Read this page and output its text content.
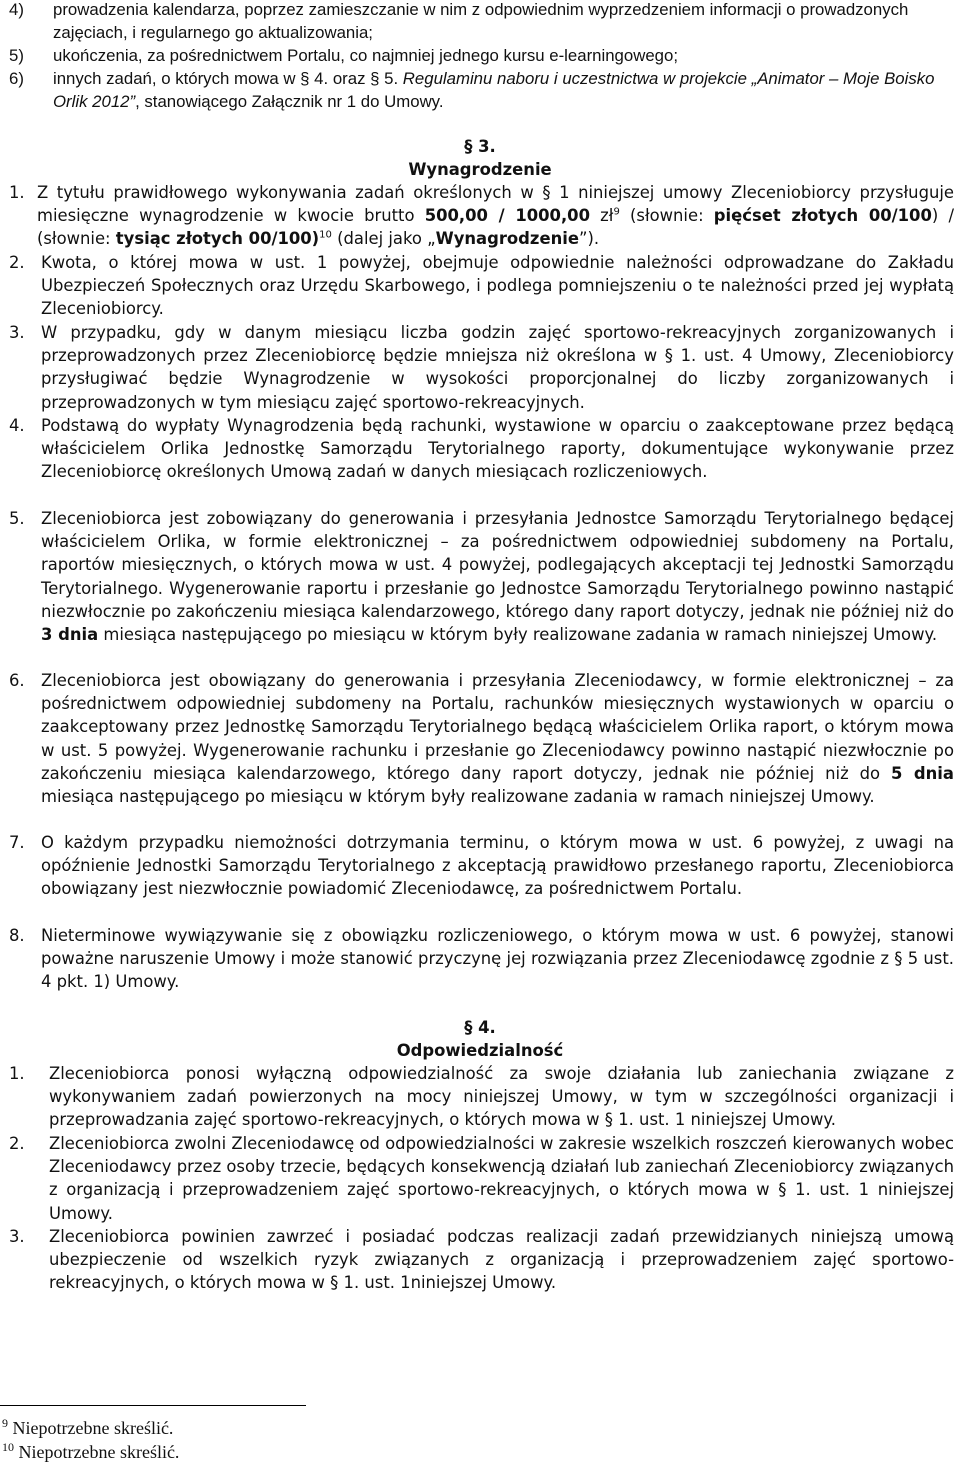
4) prowadzenia kalendarza, poprzez zamieszczanie w nim z odpowiednim wyprzedzeniem informacji o prowadzonych zajęciach, i regularnego go aktualizowania;
5) ukończenia, za pośrednictwem Portalu, co najmniej jednego kursu e-learningowego;
6) innych zadań, o których mowa w § 4. oraz § 5. Regulaminu naboru i uczestnictwa w projekcie „Animator – Moje Boisko Orlik 2012”, stanowiącego Załącznik nr 1 do Umowy.
§ 3.
Wynagrodzenie
1. Z tytułu prawidłowego wykonywania zadań określonych w § 1 niniejszej umowy Zleceniobiorcy przysługuje miesięczne wynagrodzenie w kwocie brutto 500,00 / 1000,00 $zł^9$ (słownie: pięćset złotych 00/100) / (słownie: tysiąc złotych 00/100)$^{10}$ (dalej jako „Wynagrodzenie”).
2. Kwota, o której mowa w ust. 1 powyżej, obejmuje odpowiednie należności odprowadzane do Zakładu Ubezpieczeń Społecznych oraz Urzędu Skarbowego, i podlega pomniejszeniu o te należności przed jej wypłatą Zleceniobiorcy.
3. W przypadku, gdy w danym miesiącu liczba godzin zajęć sportowo-rekreacyjnych zorganizowanych i przeprowadzonych przez Zleceniobiorcę będzie mniejsza niż określona w § 1. ust. 4 Umowy, Zleceniobiorcy przysługiwać będzie Wynagrodzenie w wysokości proporcjonalnej do liczby zorganizowanych i przeprowadzonych w tym miesiącu zajęć sportowo-rekreacyjnych.
4. Podstawą do wypłaty Wynagrodzenia będą rachunki, wystawione w oparciu o zaakceptowane przez będącą właścicielem Orlika Jednostkę Samorządu Terytorialnego raporty, dokumentujące wykonywanie przez Zleceniobiorcę określonych Umową zadań w danych miesiącach rozliczeniowych.
5. Zleceniobiorca jest zobowiązany do generowania i przesyłania Jednostce Samorządu Terytorialnego będącej właścicielem Orlika, w formie elektronicznej – za pośrednictwem odpowiedniej subdomeny na Portalu, raportów miesięcznych, o których mowa w ust. 4 powyżej, podlegających akceptacji tej Jednostki Samorządu Terytorialnego. Wygenerowanie raportu i przesłanie go Jednostce Samorządu Terytorialnego powinno nastąpić niezwłocznie po zakończeniu miesiąca kalendarzowego, którego dany raport dotyczy, jednak nie później niż do 3 dnia miesiąca następującego po miesiącu w którym były realizowane zadania w ramach niniejszej Umowy.
6. Zleceniobiorca jest obowiązany do generowania i przesyłania Zleceniodawcy, w formie elektronicznej – za pośrednictwem odpowiedniej subdomeny na Portalu, rachunków miesięcznych wystawionych w oparciu o zaakceptowany przez Jednostkę Samorządu Terytorialnego będącą właścicielem Orlika raport, o którym mowa w ust. 5 powyżej. Wygenerowanie rachunku i przesłanie go Zleceniodawcy powinno nastąpić niezwłocznie po zakończeniu miesiąca kalendarzowego, którego dany raport dotyczy, jednak nie później niż do 5 dnia miesiąca następującego po miesiącu w którym były realizowane zadania w ramach niniejszej Umowy.
7. O każdym przypadku niemożności dotrzymania terminu, o którym mowa w ust. 6 powyżej, z uwagi na opóźnienie Jednostki Samorządu Terytorialnego z akceptacją prawidłowo przesłanego raportu, Zleceniobiorca obowiązany jest niezwłocznie powiadomić Zleceniodawcę, za pośrednictwem Portalu.
8. Nieterminowe wywiązywanie się z obowiązku rozliczeniowego, o którym mowa w ust. 6 powyżej, stanowi poważne naruszenie Umowy i może stanowić przyczynę jej rozwiązania przez Zleceniodawcę zgodnie z § 5 ust. 4 pkt. 1) Umowy.
§ 4.
Odpowiedzialność
1. Zleceniobiorca ponosi wyłączną odpowiedzialność za swoje działania lub zaniechania związane z wykonywaniem zadań powierzonych na mocy niniejszej Umowy, w tym w szczególności organizacji i przeprowadzania zajęć sportowo-rekreacyjnych, o których mowa w § 1. ust. 1 niniejszej Umowy.
2. Zleceniobiorca zwolni Zleceniodawcę od odpowiedzialności w zakresie wszelkich roszczeń kierowanych wobec Zleceniodawcy przez osoby trzecie, będących konsekwencją działań lub zaniechań Zleceniobiorcy związanych z organizacją i przeprowadzeniem zajęć sportowo-rekreacyjnych, o których mowa w § 1. ust. 1 niniejszej Umowy.
3. Zleceniobiorca powinien zawrzeć i posiadać podczas realizacji zadań przewidzianych niniejszą umową ubezpieczenie od wszelkich ryzyk związanych z organizacją i przeprowadzeniem zajęć sportowo-rekreacyjnych, o których mowa w § 1. ust. 1niniejszej Umowy.
$^9$ Niepotrzebne skreślić.
$^{10}$ Niepotrzebne skreślić.
